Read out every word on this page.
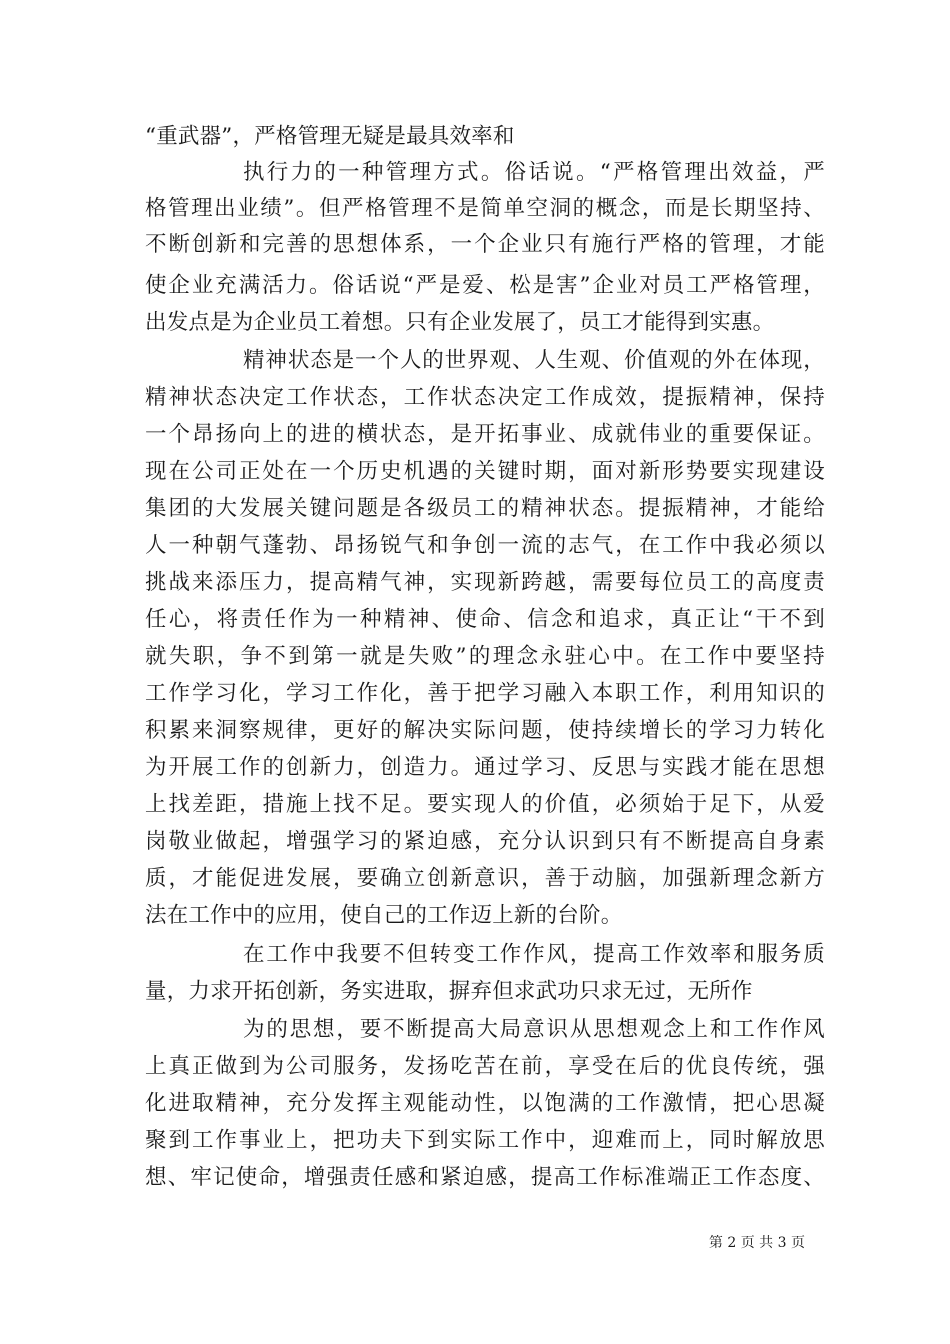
“重武器”，严格管理无疑是最具效率和
执行力的一种管理方式。俗话说。“严格管理出效益，严
格管理出业绩”。但严格管理不是简单空洞的概念，而是长期坚持、
不断创新和完善的思想体系，一个企业只有施行严格的管理，才能
使企业充满活力。俗话说“严是爱、松是害”企业对员工严格管理，
出发点是为企业员工着想。只有企业发展了，员工才能得到实惠。
精神状态是一个人的世界观、人生观、价值观的外在体现，
精神状态决定工作状态，工作状态决定工作成效，提振精神，保持
一个昂扬向上的进的横状态，是开拓事业、成就伟业的重要保证。
现在公司正处在一个历史机遇的关键时期，面对新形势要实现建设
集团的大发展关键问题是各级员工的精神状态。提振精神，才能给
人一种朝气蓬勃、昂扬锐气和争创一流的志气，在工作中我必须以
挑战来添压力，提高精气神，实现新跨越，需要每位员工的高度责
任心，将责任作为一种精神、使命、信念和追求，真正让“干不到
就失职，争不到第一就是失败”的理念永驻心中。在工作中要坚持
工作学习化，学习工作化，善于把学习融入本职工作，利用知识的
积累来洞察规律，更好的解决实际问题，使持续增长的学习力转化
为开展工作的创新力，创造力。通过学习、反思与实践才能在思想
上找差距，措施上找不足。要实现人的价值，必须始于足下，从爱
岗敬业做起，增强学习的紧迫感，充分认识到只有不断提高自身素
质，才能促进发展，要确立创新意识，善于动脑，加强新理念新方
法在工作中的应用，使自己的工作迈上新的台阶。
在工作中我要不但转变工作作风，提高工作效率和服务质
量，力求开拓创新，务实进取，摒弃但求武功只求无过，无所作
为的思想，要不断提高大局意识从思想观念上和工作作风
上真正做到为公司服务，发扬吃苦在前，享受在后的优良传统，强
化进取精神，充分发挥主观能动性，以饱满的工作激情，把心思凝
聚到工作事业上，把功夫下到实际工作中，迎难而上，同时解放思
想、牢记使命，增强责任感和紧迫感，提高工作标准端正工作态度、
第 2 页 共 3 页
